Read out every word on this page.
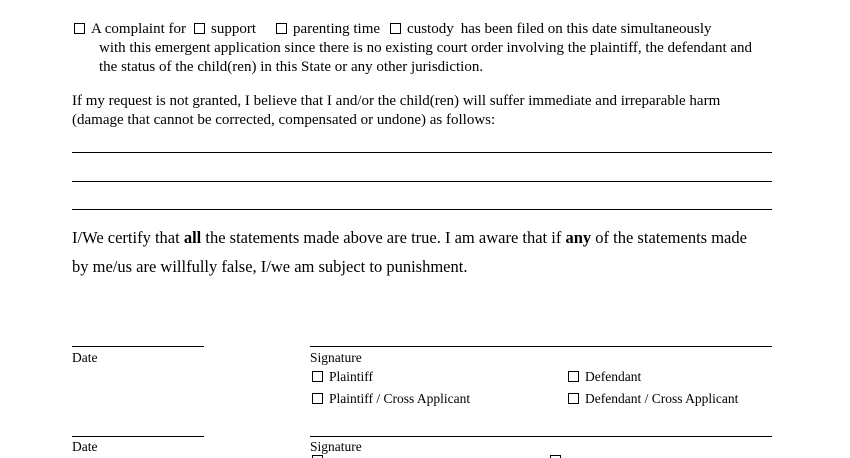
A complaint for support parenting time custody has been filed on this date simultaneously
with this emergent application since there is no existing court order involving the plaintiff, the defendant and
the status of the child(ren) in this State or any other jurisdiction.
If my request is not granted, I believe that I and/or the child(ren) will suffer immediate and irreparable harm
(damage that cannot be corrected, compensated or undone) as follows:
I/We certify that all the statements made above are true. I am aware that if any of the statements made
by me/us are willfully false, I/we am subject to punishment.
Date	Signature
Plaintiff
Plaintiff / Cross Applicant
Defendant
Defendant / Cross Applicant
Date	Signature
